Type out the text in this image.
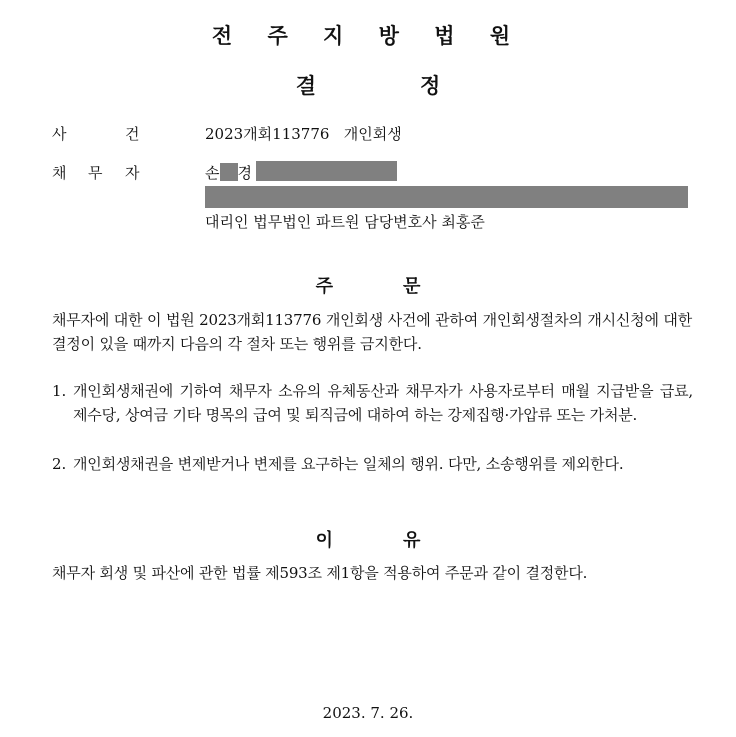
전 주 지 방 법 원
결	정
사	건	2023개회113776   개인회생
채 무 자	손 경
대리인 법무법인 파트원 담당변호사 최홍준
주	문
채무자에 대한 이 법원 2023개회113776 개인회생 사건에 관하여 개인회생절차의 개시신청에 대한 결정이 있을 때까지 다음의 각 절차 또는 행위를 금지한다.
1. 개인회생채권에 기하여 채무자 소유의 유체동산과 채무자가 사용자로부터 매월 지급받을 급료, 제수당, 상여금 기타 명목의 급여 및 퇴직금에 대하여 하는 강제집행·가압류 또는 가처분.
2. 개인회생채권을 변제받거나 변제를 요구하는 일체의 행위. 다만, 소송행위를 제외한다.
이	유
채무자 회생 및 파산에 관한 법률 제593조 제1항을 적용하여 주문과 같이 결정한다.
2023. 7. 26.
